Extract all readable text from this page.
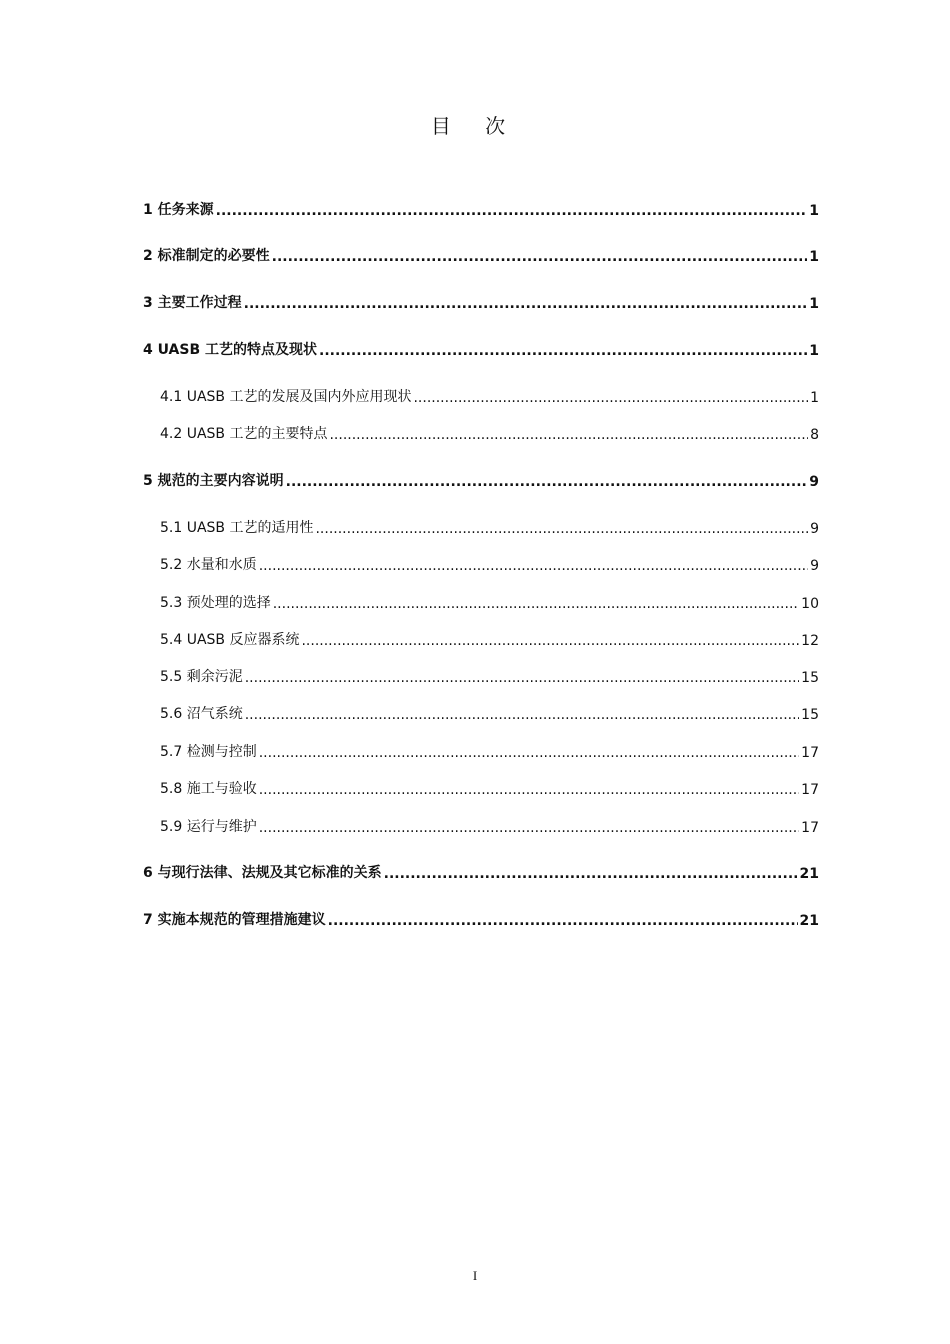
目 次
1 任务来源 .....	1
2 标准制定的必要性 .....	1
3 主要工作过程 .....	1
4 UASB 工艺的特点及现状 .....	1
4.1 UASB 工艺的发展及国内外应用现状 .....	1
4.2 UASB 工艺的主要特点 .....	8
5 规范的主要内容说明 .....	9
5.1 UASB 工艺的适用性 .....	9
5.2 水量和水质 .....	9
5.3 预处理的选择 .....	10
5.4 UASB 反应器系统 .....	12
5.5 剩余污泥 .....	15
5.6 沼气系统 .....	15
5.7 检测与控制 .....	17
5.8 施工与验收 .....	17
5.9 运行与维护 .....	17
6 与现行法律、法规及其它标准的关系 .....	21
7 实施本规范的管理措施建议 .....	21
I
